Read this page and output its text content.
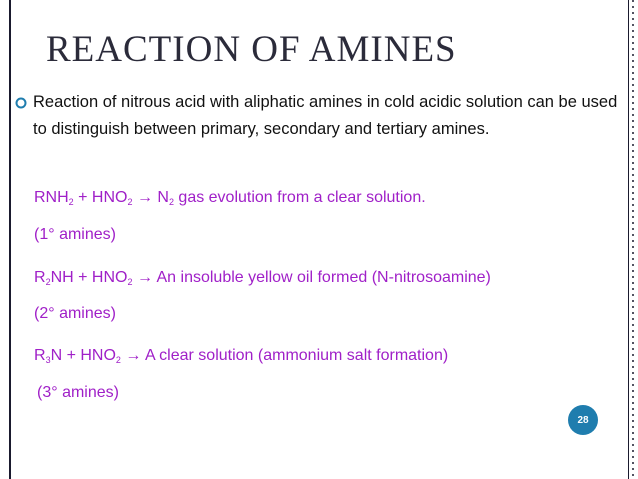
REACTION OF AMINES

Reaction of nitrous acid with aliphatic amines in cold acidic solution can be used to distinguish between primary, secondary and tertiary amines.

$RNH_2 + HNO_2 \to N_2$ gas evolution from a clear solution.
(1° amines)
$R_2NH + HNO_2 \to An$ insoluble yellow oil formed (N-nitrosoamine)
(2° amines)
$R_3N + HNO_2 \to A$ clear solution (ammonium salt formation)
(3° amines)
28
